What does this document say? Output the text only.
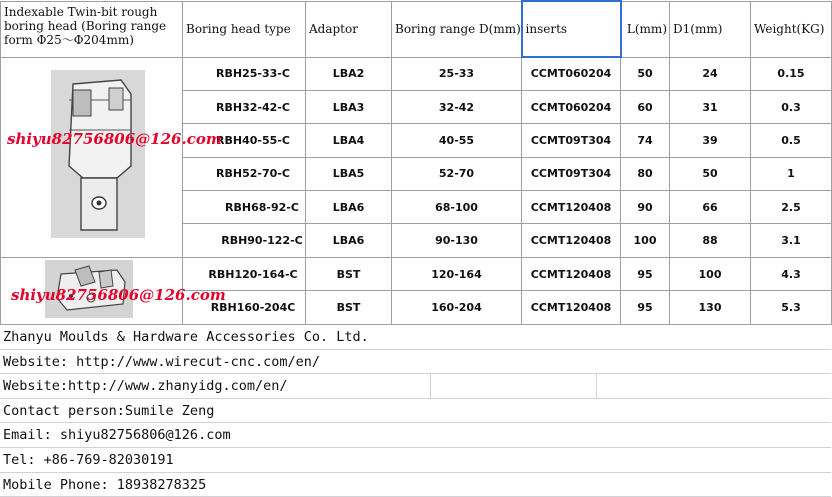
Indexable Twin-bit rough boring head (Boring range form Φ25～Φ204mm)	Boring head type	Adaptor	Boring range D(mm)	inserts	L(mm)	D1(mm)	Weight(KG)

shiyu82756806@126.com	RBH25-33-C	LBA2	25-33	CCMT060204	50	24	0.15
	RBH32-42-C	LBA3	32-42	CCMT060204	60	31	0.3
	RBH40-55-C	LBA4	40-55	CCMT09T304	74	39	0.5
	RBH52-70-C	LBA5	52-70	CCMT09T304	80	50	1
	RBH68-92-C	LBA6	68-100	CCMT120408	90	66	2.5
	RBH90-122-C	LBA6	90-130	CCMT120408	100	88	3.1

shiyu82756806@126.com	RBH120-164-C	BST	120-164	CCMT120408	95	100	4.3
	RBH160-204C	BST	160-204	CCMT120408	95	130	5.3
Zhanyu Moulds & Hardware Accessories Co. Ltd.
Website: http://www.wirecut-cnc.com/en/
Website:http://www.zhanyidg.com/en/
Contact person:Sumile Zeng
Email: shiyu82756806@126.com
Tel: +86-769-82030191
Mobile Phone: 18938278325
